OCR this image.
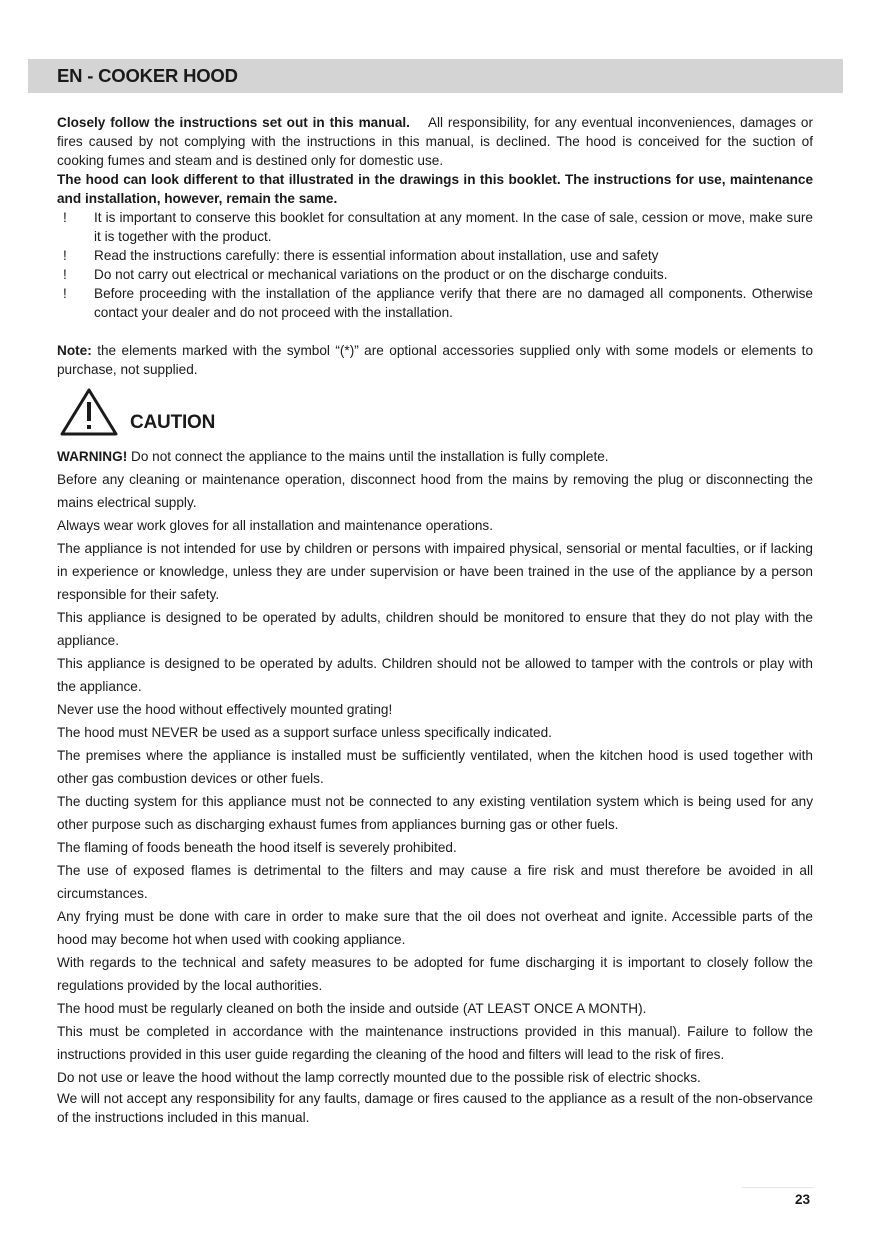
EN - COOKER HOOD

Closely follow the instructions set out in this manual. All responsibility, for any eventual inconveniences, damages or fires caused by not complying with the instructions in this manual, is declined. The hood is conceived for the suction of cooking fumes and steam and is destined only for domestic use.

The hood can look different to that illustrated in the drawings in this booklet. The instructions for use, maintenance and installation, however, remain the same.

! It is important to conserve this booklet for consultation at any moment. In the case of sale, cession or move, make sure it is together with the product.
! Read the instructions carefully: there is essential information about installation, use and safety
! Do not carry out electrical or mechanical variations on the product or on the discharge conduits.
! Before proceeding with the installation of the appliance verify that there are no damaged all components. Otherwise contact your dealer and do not proceed with the installation.

Note: the elements marked with the symbol “(*)” are optional accessories supplied only with some models or elements to purchase, not supplied.

CAUTION

WARNING! Do not connect the appliance to the mains until the installation is fully complete.

Before any cleaning or maintenance operation, disconnect hood from the mains by removing the plug or disconnecting the mains electrical supply.

Always wear work gloves for all installation and maintenance operations.

The appliance is not intended for use by children or persons with impaired physical, sensorial or mental faculties, or if lacking in experience or knowledge, unless they are under supervision or have been trained in the use of the appliance by a person responsible for their safety.

This appliance is designed to be operated by adults, children should be monitored to ensure that they do not play with the appliance.

This appliance is designed to be operated by adults. Children should not be allowed to tamper with the controls or play with the appliance.

Never use the hood without effectively mounted grating!

The hood must NEVER be used as a support surface unless specifically indicated.

The premises where the appliance is installed must be sufficiently ventilated, when the kitchen hood is used together with other gas combustion devices or other fuels.

The ducting system for this appliance must not be connected to any existing ventilation system which is being used for any other purpose such as discharging exhaust fumes from appliances burning gas or other fuels.

The flaming of foods beneath the hood itself is severely prohibited.

The use of exposed flames is detrimental to the filters and may cause a fire risk and must therefore be avoided in all circumstances.

Any frying must be done with care in order to make sure that the oil does not overheat and ignite. Accessible parts of the hood may become hot when used with cooking appliance.

With regards to the technical and safety measures to be adopted for fume discharging it is important to closely follow the regulations provided by the local authorities.

The hood must be regularly cleaned on both the inside and outside (AT LEAST ONCE A MONTH).

This must be completed in accordance with the maintenance instructions provided in this manual). Failure to follow the instructions provided in this user guide regarding the cleaning of the hood and filters will lead to the risk of fires.

Do not use or leave the hood without the lamp correctly mounted due to the possible risk of electric shocks.

We will not accept any responsibility for any faults, damage or fires caused to the appliance as a result of the non-observance of the instructions included in this manual.

23
